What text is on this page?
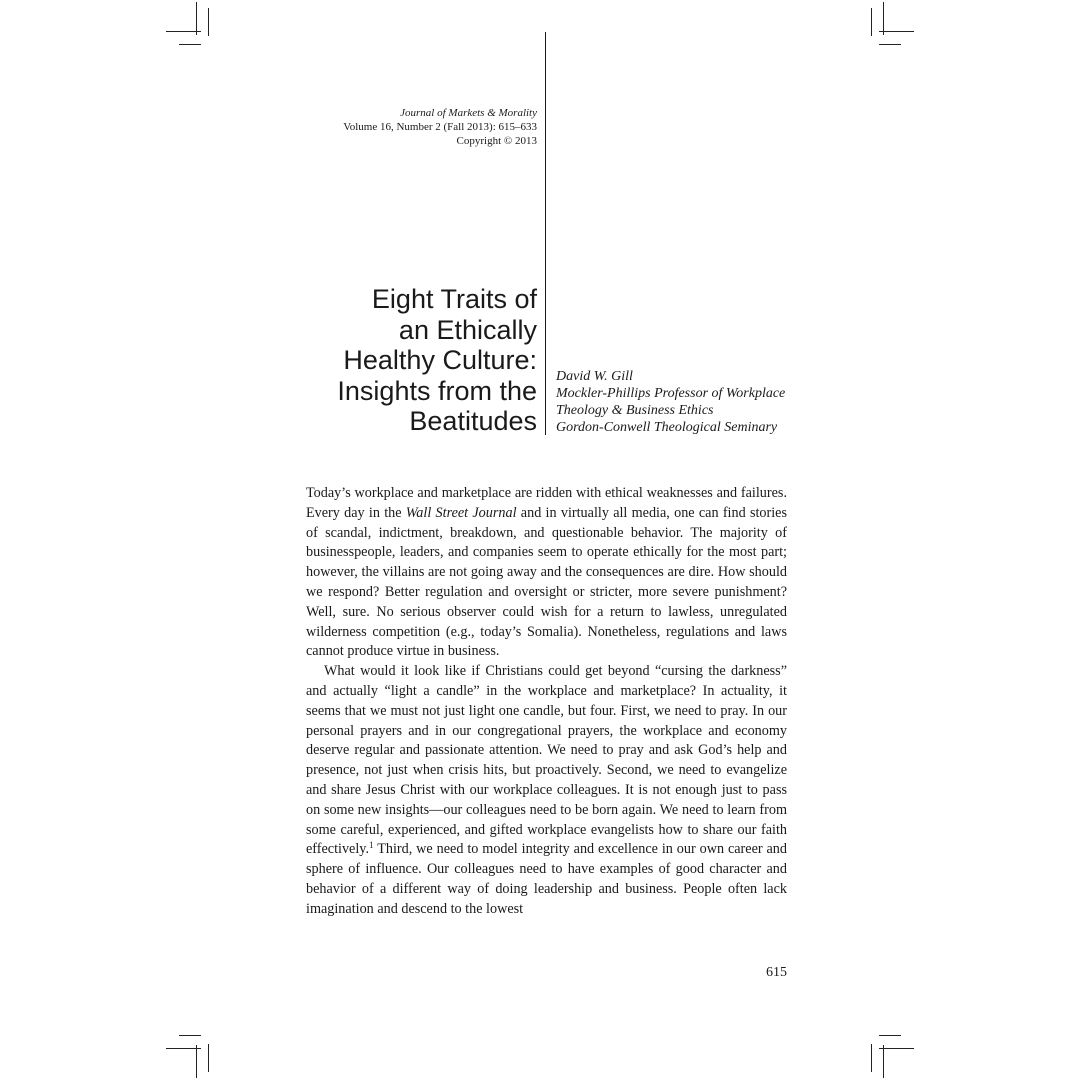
Journal of Markets & Morality
Volume 16, Number 2 (Fall 2013): 615–633
Copyright © 2013
Eight Traits of
an Ethically
Healthy Culture:
Insights from the
Beatitudes
David W. Gill
Mockler-Phillips Professor of Workplace
Theology & Business Ethics
Gordon-Conwell Theological Seminary

Today’s workplace and marketplace are ridden with ethical weaknesses and failures. Every day in the Wall Street Journal and in virtually all media, one can find stories of scandal, indictment, breakdown, and questionable behavior. The majority of businesspeople, leaders, and companies seem to operate ethically for the most part; however, the villains are not going away and the consequences are dire. How should we respond? Better regulation and oversight or stricter, more severe punishment? Well, sure. No serious observer could wish for a return to lawless, unregulated wilderness competition (e.g., today’s Somalia). Nonetheless, regulations and laws cannot produce virtue in business.

What would it look like if Christians could get beyond “cursing the darkness” and actually “light a candle” in the workplace and marketplace? In actuality, it seems that we must not just light one candle, but four. First, we need to pray. In our personal prayers and in our congregational prayers, the workplace and economy deserve regular and passionate attention. We need to pray and ask God’s help and presence, not just when crisis hits, but proactively. Second, we need to evangelize and share Jesus Christ with our workplace colleagues. It is not enough just to pass on some new insights—our colleagues need to be born again. We need to learn from some careful, experienced, and gifted workplace evangelists how to share our faith effectively.$^1$ Third, we need to model integrity and excellence in our own career and sphere of influence. Our colleagues need to have examples of good character and behavior of a different way of doing leadership and business. People often lack imagination and descend to the lowest

615
